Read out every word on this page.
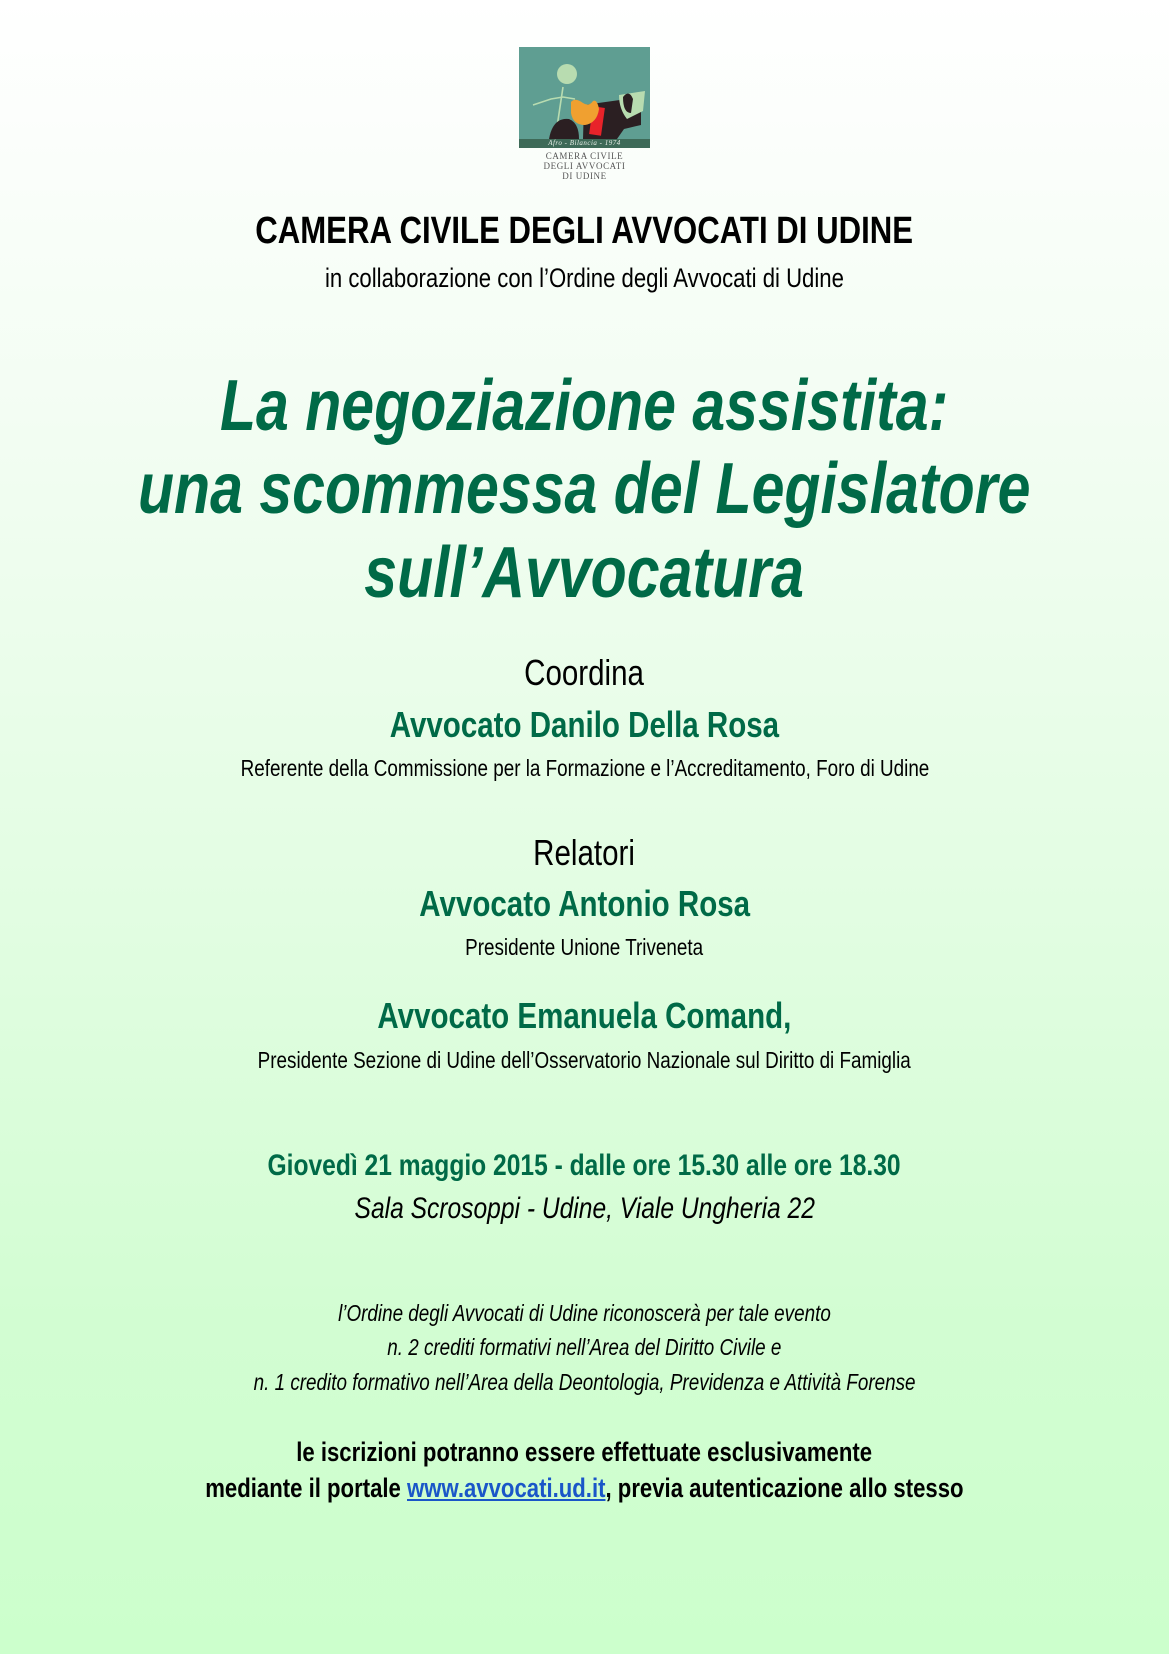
Afro - Bilancia - 1974
CAMERA CIVILE
DEGLI AVVOCATI
DI UDINE
CAMERA CIVILE DEGLI AVVOCATI DI UDINE
in collaborazione con l’Ordine degli Avvocati di Udine
La negoziazione assistita:
una scommessa del Legislatore
sull’Avvocatura
Coordina
Avvocato Danilo Della Rosa
Referente della Commissione per la Formazione e l’Accreditamento, Foro di Udine
Relatori
Avvocato Antonio Rosa
Presidente Unione Triveneta
Avvocato Emanuela Comand,
Presidente Sezione di Udine dell’Osservatorio Nazionale sul Diritto di Famiglia
Giovedì 21 maggio 2015 - dalle ore 15.30 alle ore 18.30
Sala Scrosoppi - Udine, Viale Ungheria 22
l’Ordine degli Avvocati di Udine riconoscerà per tale evento
n. 2 crediti formativi nell’Area del Diritto Civile e
n. 1 credito formativo nell’Area della Deontologia, Previdenza e Attività Forense
le iscrizioni potranno essere effettuate esclusivamente
mediante il portale www.avvocati.ud.it, previa autenticazione allo stesso
